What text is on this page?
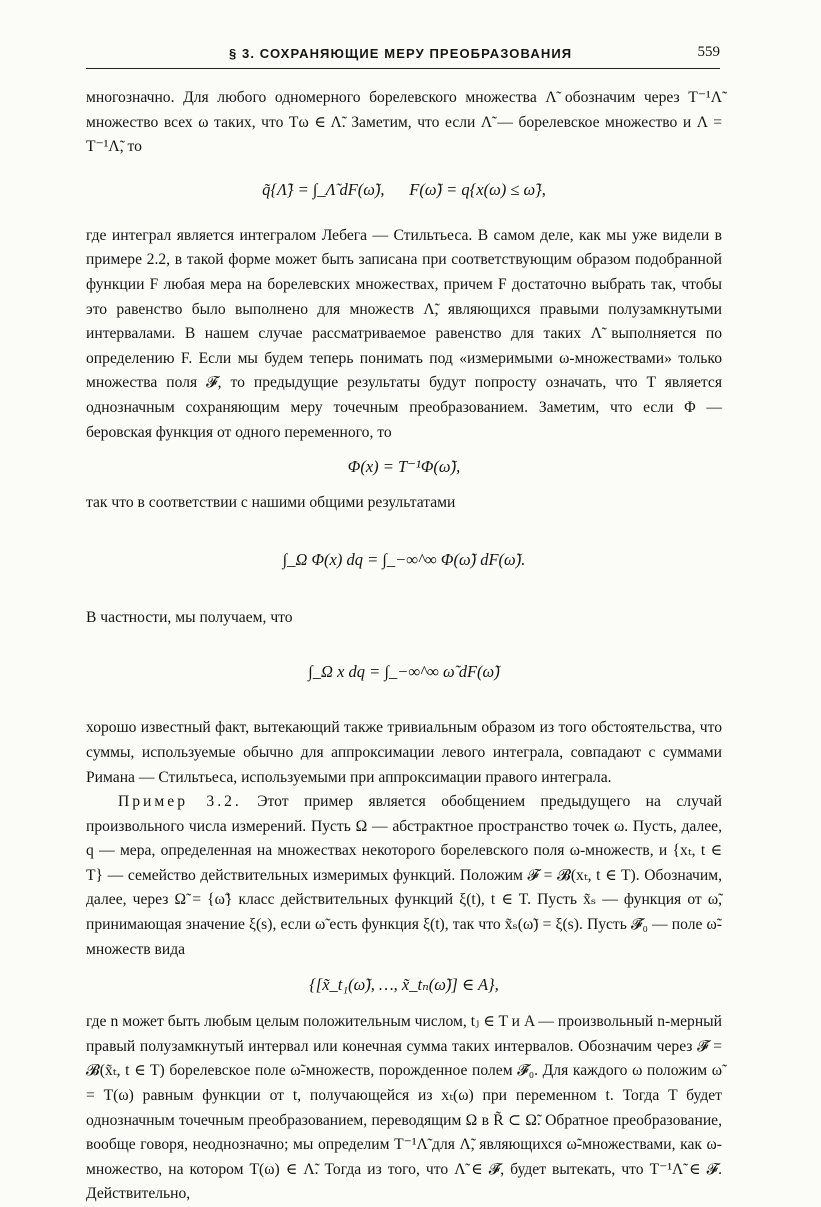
§ 3. СОХРАНЯЮЩИЕ МЕРУ ПРЕОБРАЗОВАНИЯ	559

многозначно. Для любого одномерного борелевского множества Λ̃ обозначим через T⁻¹Λ̃ множество всех ω таких, что Tω ∈ Λ̃. Заметим, что если Λ̃ — борелевское множество и Λ = T⁻¹Λ̃, то

q̃{Λ̃} = ∫_Λ̃ dF(ω̃),      F(ω̃) = q{x(ω) ≤ ω̃},

где интеграл является интегралом Лебега — Стильтьеса. В самом деле, как мы уже видели в примере 2.2, в такой форме может быть записана при соответствующим образом подобранной функции F любая мера на борелевских множествах, причем F достаточно выбрать так, чтобы это равенство было выполнено для множеств Λ̃, являющихся правыми полузамкнутыми интервалами. В нашем случае рассматриваемое равенство для таких Λ̃ выполняется по определению F. Если мы будем теперь понимать под «измеримыми ω-множествами» только множества поля 𝓕, то предыдущие результаты будут попросту означать, что T является однозначным сохраняющим меру точечным преобразованием. Заметим, что если Φ — беровская функция от одного переменного, то

Φ(x) = T⁻¹Φ(ω̃),

так что в соответствии с нашими общими результатами

∫_Ω Φ(x) dq = ∫_−∞^∞ Φ(ω̃) dF(ω̃).

В частности, мы получаем, что

∫_Ω x dq = ∫_−∞^∞ ω̃ dF(ω̃)

хорошо известный факт, вытекающий также тривиальным образом из того обстоятельства, что суммы, используемые обычно для аппроксимации левого интеграла, совпадают с суммами Римана — Стильтьеса, используемыми при аппроксимации правого интеграла.

Пример 3.2. Этот пример является обобщением предыдущего на случай произвольного числа измерений. Пусть Ω — абстрактное пространство точек ω. Пусть, далее, q — мера, определенная на множествах некоторого борелевского поля ω-множеств, и {xₜ, t ∈ T} — семейство действительных измеримых функций. Положим 𝓕 = 𝓑(xₜ, t ∈ T). Обозначим, далее, через Ω̃ = {ω̃} класс действительных функций ξ(t), t ∈ T. Пусть x̃ₛ — функция от ω̃, принимающая значение ξ(s), если ω̃ есть функция ξ(t), так что x̃ₛ(ω̃) = ξ(s). Пусть 𝓕̃₀ — поле ω̃-множеств вида

{[x̃_t₁(ω̃), …, x̃_tₙ(ω̃)] ∈ A},

где n может быть любым целым положительным числом, tⱼ ∈ T и A — произвольный n-мерный правый полузамкнутый интервал или конечная сумма таких интервалов. Обозначим через 𝓕̃ = 𝓑(x̃ₜ, t ∈ T) борелевское поле ω̃-множеств, порожденное полем 𝓕̃₀. Для каждого ω положим ω̃ = T(ω) равным функции от t, получающейся из xₜ(ω) при переменном t. Тогда T будет однозначным точечным преобразованием, переводящим Ω в R̃ ⊂ Ω̃. Обратное преобразование, вообще говоря, неоднозначно; мы определим T⁻¹Λ̃ для Λ̃, являющихся ω̃-множествами, как ω-множество, на котором T(ω) ∈ Λ̃. Тогда из того, что Λ̃ ∈ 𝓕̃, будет вытекать, что T⁻¹Λ̃ ∈ 𝓕. Действительно,
